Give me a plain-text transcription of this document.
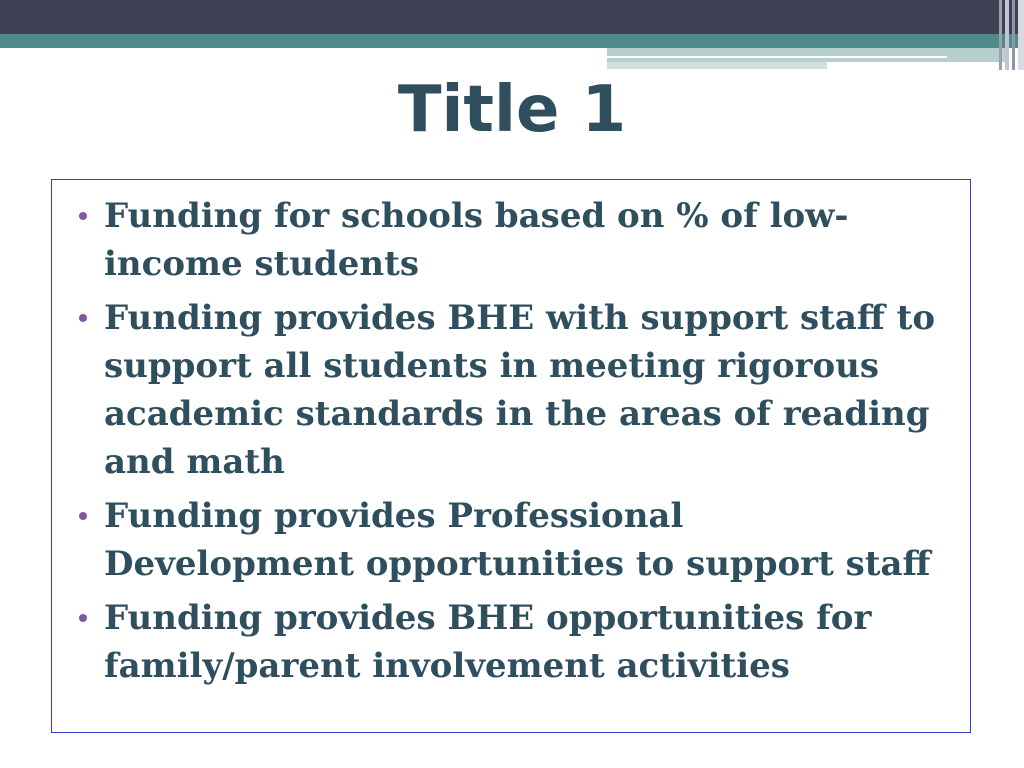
Title 1
Funding for schools based on % of low-income students
Funding provides BHE with support staff to support all students in meeting rigorous academic standards in the areas of reading and math
Funding provides Professional Development opportunities to support staff
Funding provides BHE opportunities for family/parent involvement activities
